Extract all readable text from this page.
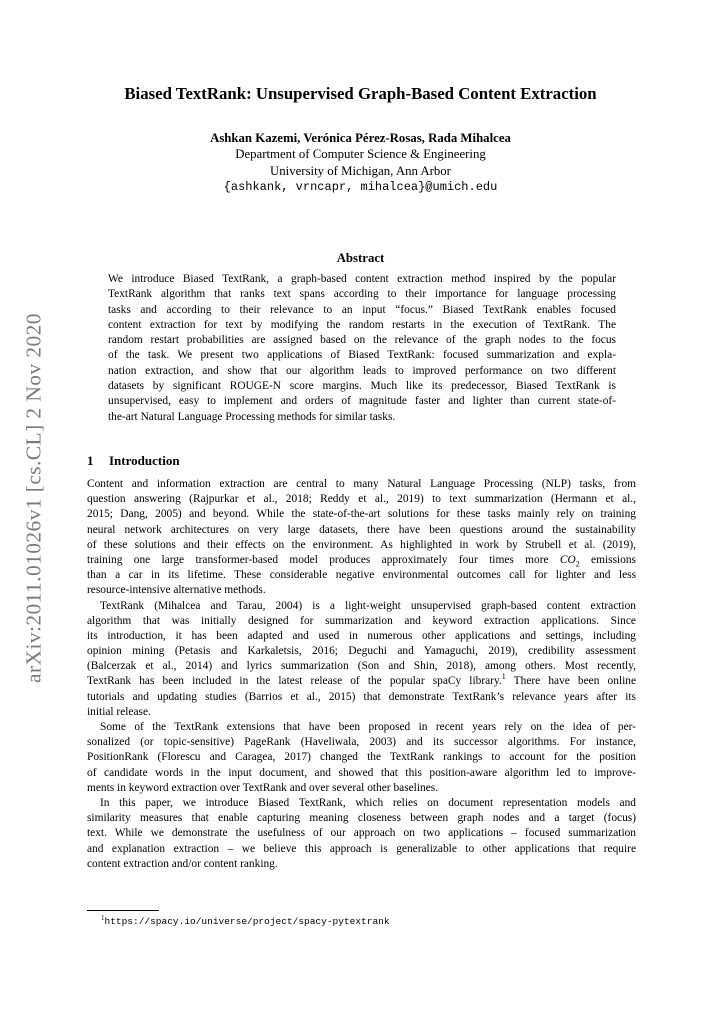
arXiv:2011.01026v1 [cs.CL] 2 Nov 2020
Biased TextRank: Unsupervised Graph-Based Content Extraction
Ashkan Kazemi, Verónica Pérez-Rosas, Rada Mihalcea
Department of Computer Science & Engineering
University of Michigan, Ann Arbor
{ashkank, vrncapr, mihalcea}@umich.edu
Abstract
We introduce Biased TextRank, a graph-based content extraction method inspired by the popular
TextRank algorithm that ranks text spans according to their importance for language processing
tasks and according to their relevance to an input “focus.” Biased TextRank enables focused
content extraction for text by modifying the random restarts in the execution of TextRank. The
random restart probabilities are assigned based on the relevance of the graph nodes to the focus
of the task. We present two applications of Biased TextRank: focused summarization and expla-
nation extraction, and show that our algorithm leads to improved performance on two different
datasets by significant ROUGE-N score margins. Much like its predecessor, Biased TextRank is
unsupervised, easy to implement and orders of magnitude faster and lighter than current state-of-
the-art Natural Language Processing methods for similar tasks.
1 Introduction
Content and information extraction are central to many Natural Language Processing (NLP) tasks, from
question answering (Rajpurkar et al., 2018; Reddy et al., 2019) to text summarization (Hermann et al.,
2015; Dang, 2005) and beyond. While the state-of-the-art solutions for these tasks mainly rely on training
neural network architectures on very large datasets, there have been questions around the sustainability
of these solutions and their effects on the environment. As highlighted in work by Strubell et al. (2019),
training one large transformer-based model produces approximately four times more $CO_2$ emissions
than a car in its lifetime. These considerable negative environmental outcomes call for lighter and less
resource-intensive alternative methods.
TextRank (Mihalcea and Tarau, 2004) is a light-weight unsupervised graph-based content extraction
algorithm that was initially designed for summarization and keyword extraction applications. Since
its introduction, it has been adapted and used in numerous other applications and settings, including
opinion mining (Petasis and Karkaletsis, 2016; Deguchi and Yamaguchi, 2019), credibility assessment
(Balcerzak et al., 2014) and lyrics summarization (Son and Shin, 2018), among others. Most recently,
TextRank has been included in the latest release of the popular spaCy library.$^1$ There have been online
tutorials and updating studies (Barrios et al., 2015) that demonstrate TextRank’s relevance years after its
initial release.
Some of the TextRank extensions that have been proposed in recent years rely on the idea of per-
sonalized (or topic-sensitive) PageRank (Haveliwala, 2003) and its successor algorithms. For instance,
PositionRank (Florescu and Caragea, 2017) changed the TextRank rankings to account for the position
of candidate words in the input document, and showed that this position-aware algorithm led to improve-
ments in keyword extraction over TextRank and over several other baselines.
In this paper, we introduce Biased TextRank, which relies on document representation models and
similarity measures that enable capturing meaning closeness between graph nodes and a target (focus)
text. While we demonstrate the usefulness of our approach on two applications – focused summarization
and explanation extraction – we believe this approach is generalizable to other applications that require
content extraction and/or content ranking.
$^1$https://spacy.io/universe/project/spacy-pytextrank
